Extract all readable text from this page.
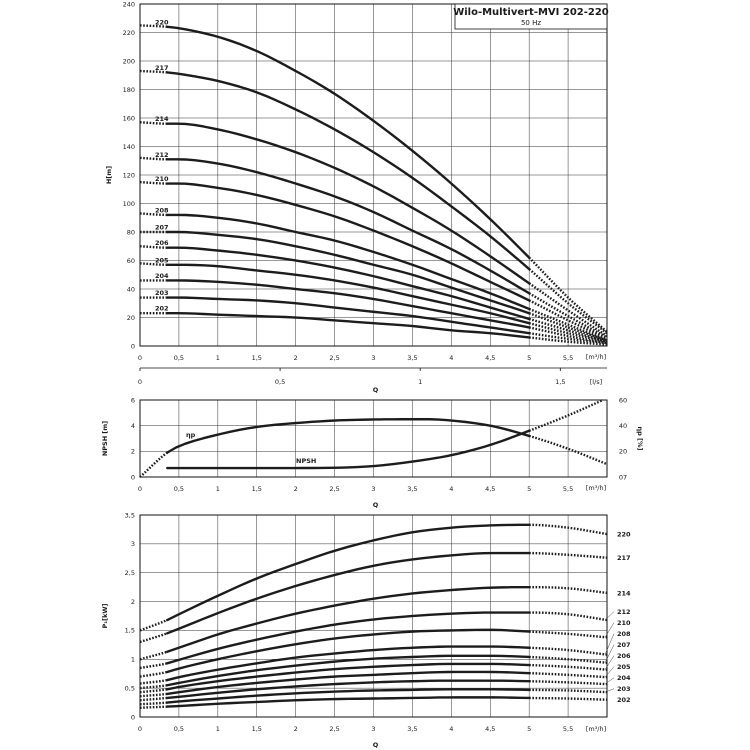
0
20
40
60
80
100
120
140
160
180
200
220
240
0	0,5	1	1,5	2	2,5	3	3,5	4	4,5	5	5,5 [m³/h]
Q
H[m]
Wilo-Multivert-MVI 202-220
50 Hz
220
217
214
212
210
208
207
206
205
204
203
202
0	0,5	1	1,5	[l/s]
0
2
4
6
0	0,5	1	1,5	2	2,5	3	3,5	4	4,5	5	5,5 [m³/h]
Q
NPSH [m]
07
20
40
60
ηp [%]
ηp
NPSH
0
0,5
1
1,5
2
2,5
3
3,5
0	0,5	1	1,5	2	2,5	3	3,5	4	4,5	5	5,5 [m³/h]
Q
P₁[kW]
220
217
214
212
210
208
207
206
205
204
203
202
